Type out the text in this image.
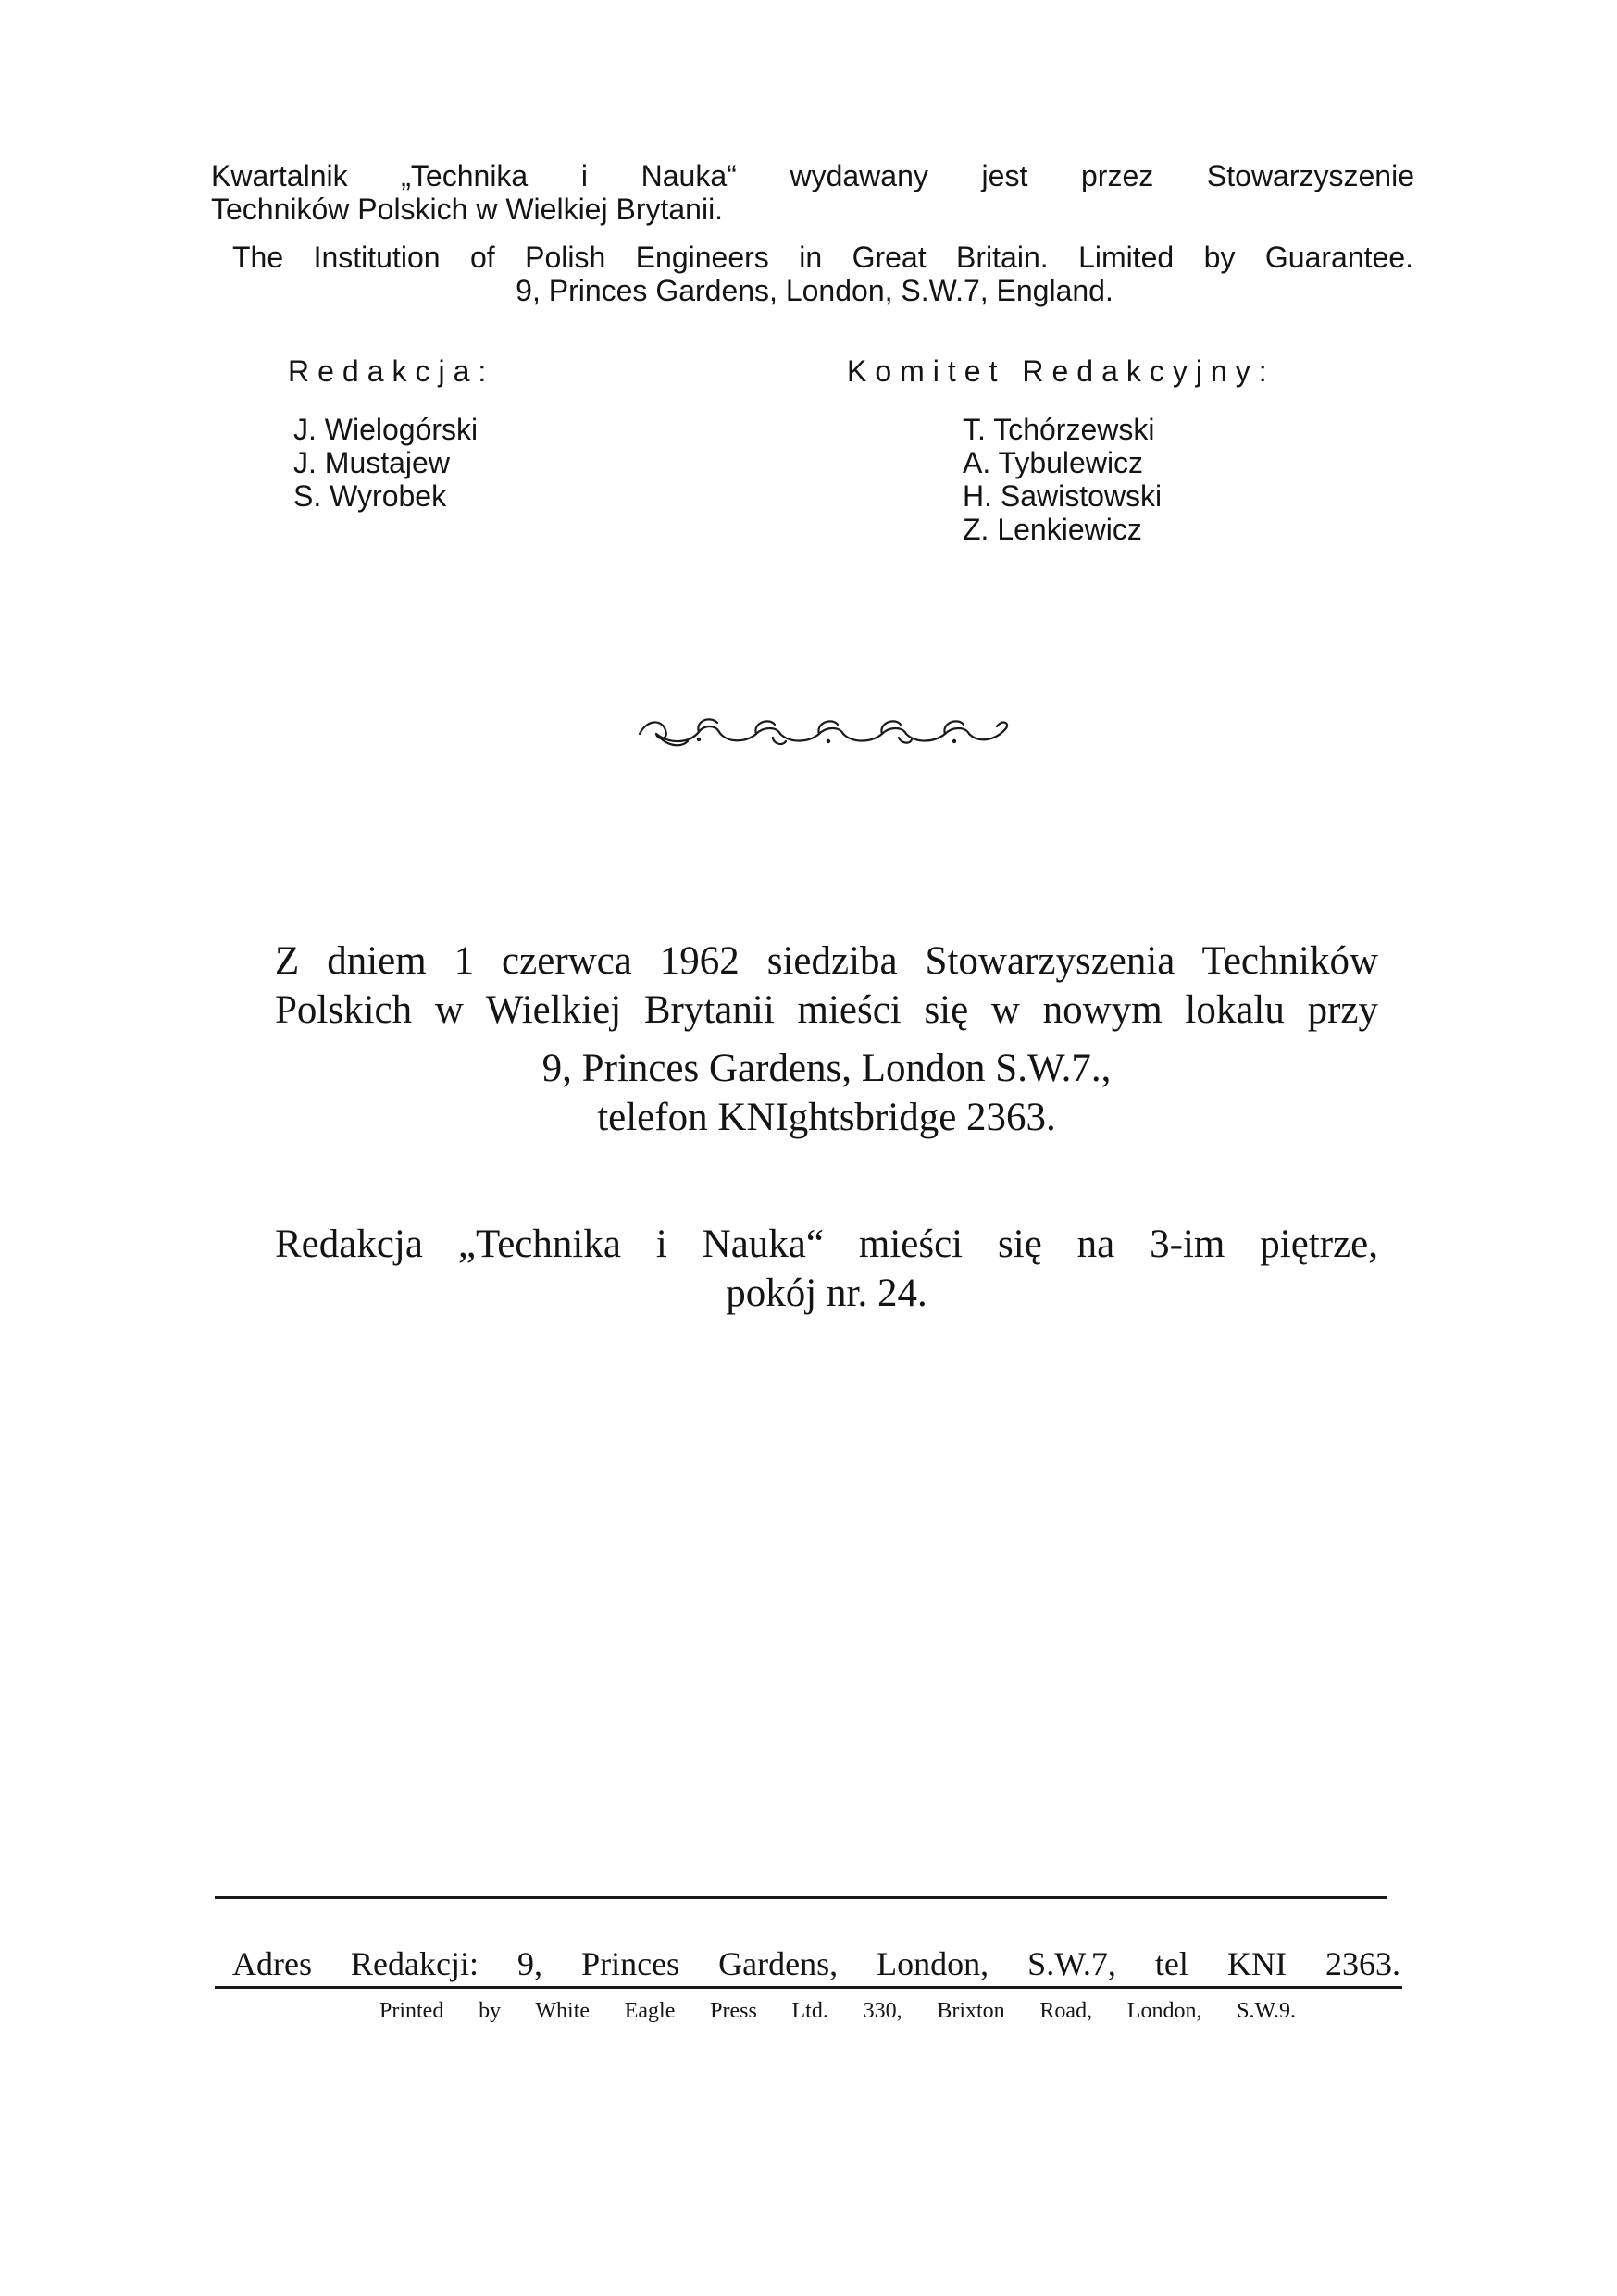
Kwartalnik „Technika i Nauka“ wydawany jest przez Stowarzyszenie
Techników Polskich w Wielkiej Brytanii.
The Institution of Polish Engineers in Great Britain. Limited by Guarantee.
9, Princes Gardens, London, S.W.7, England.
Redakcja:
J. Wielogórski
J. Mustajew
S. Wyrobek
Komitet Redakcyjny:
T. Tchórzewski
A. Tybulewicz
H. Sawistowski
Z. Lenkiewicz
Z dniem 1 czerwca 1962 siedziba Stowarzyszenia Techników
Polskich w Wielkiej Brytanii mieści się w nowym lokalu przy
9, Princes Gardens, London S.W.7.,
telefon KNIghtsbridge 2363.
Redakcja „Technika i Nauka“ mieści się na 3-im piętrze,
pokój nr. 24.
Adres Redakcji: 9, Princes Gardens, London, S.W.7, tel KNI 2363.
Printed by White Eagle Press Ltd. 330, Brixton Road, London, S.W.9.
